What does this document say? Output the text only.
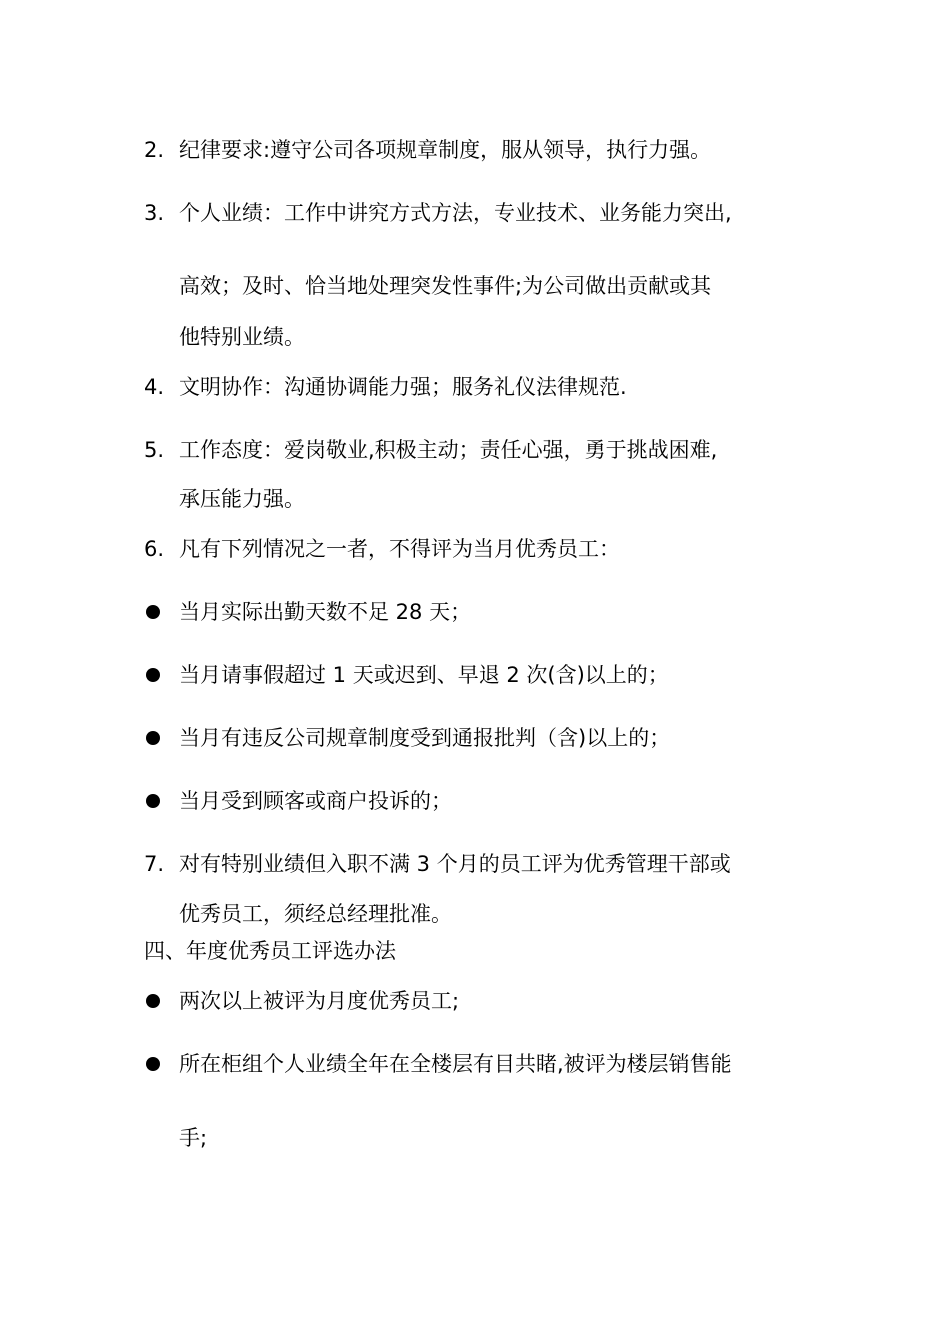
2. 纪律要求:遵守公司各项规章制度，服从领导，执行力强。
3. 个人业绩：工作中讲究方式方法，专业技术、业务能力突出,
高效；及时、恰当地处理突发性事件;为公司做出贡献或其
他特别业绩。
4. 文明协作：沟通协调能力强；服务礼仪法律规范.
5. 工作态度：爱岗敬业,积极主动；责任心强，勇于挑战困难,
承压能力强。
6. 凡有下列情况之一者，不得评为当月优秀员工：
当月实际出勤天数不足 28 天；
当月请事假超过 1 天或迟到、早退 2 次(含)以上的；
当月有违反公司规章制度受到通报批判（含)以上的；
当月受到顾客或商户投诉的；
7. 对有特别业绩但入职不满 3 个月的员工评为优秀管理干部或
优秀员工，须经总经理批准。
四、年度优秀员工评选办法
两次以上被评为月度优秀员工;
所在柜组个人业绩全年在全楼层有目共睹,被评为楼层销售能
手;
